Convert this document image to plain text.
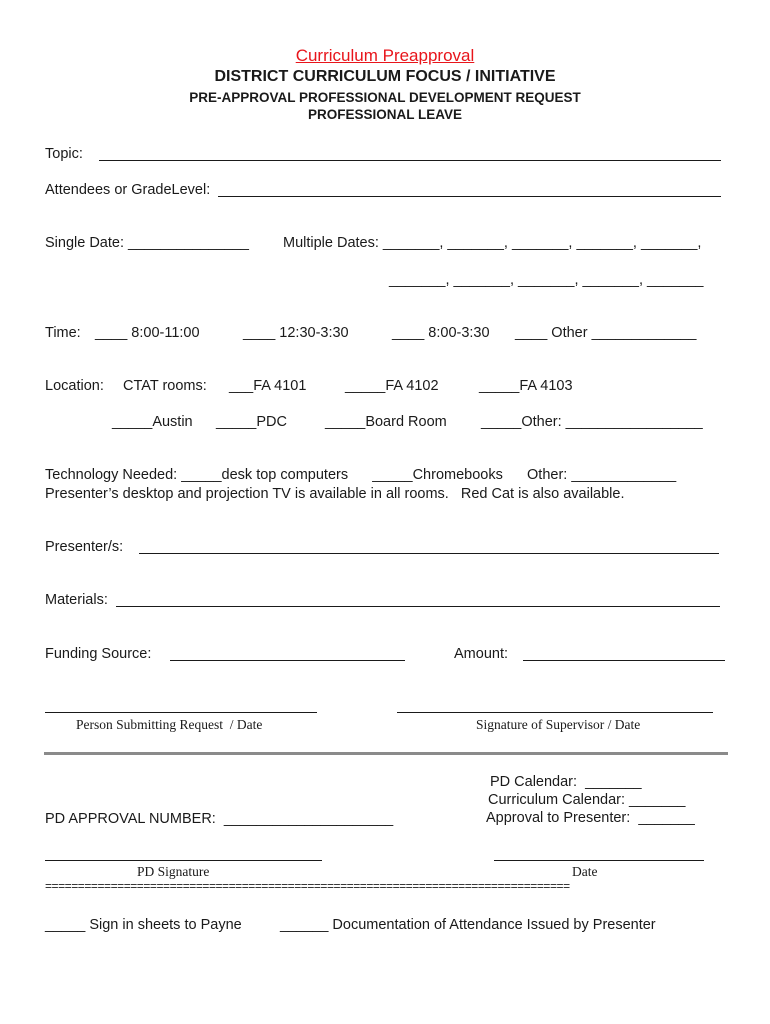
Curriculum Preapproval
DISTRICT CURRICULUM FOCUS / INITIATIVE
PRE-APPROVAL PROFESSIONAL DEVELOPMENT REQUEST
PROFESSIONAL LEAVE
Topic:
Attendees or GradeLevel:
Single Date: _______________ Multiple Dates: _______, _______, _______, _______, _______,
_______, _______, _______, _______, _______
Time: ____ 8:00-11:00	____ 12:30-3:30	____ 8:00-3:30 ____ Other _____________
Location: CTAT rooms: ___FA 4101	_____FA 4102	_____FA 4103
_____Austin _____PDC	_____Board Room _____Other: _________________
Technology Needed: _____desk top computers      _____Chromebooks      Other: _____________
Presenter’s desktop and projection TV is available in all rooms.   Red Cat is also available.
Presenter/s:
Materials:
Funding Source:	Amount:
Person Submitting Request  / Date	Signature of Supervisor / Date
PD Calendar:  _______
Curriculum Calendar: _______
Approval to Presenter:  _______
PD APPROVAL NUMBER:  _____________________
PD Signature	Date
================================================================================
_____ Sign in sheets to Payne	______ Documentation of Attendance Issued by Presenter
